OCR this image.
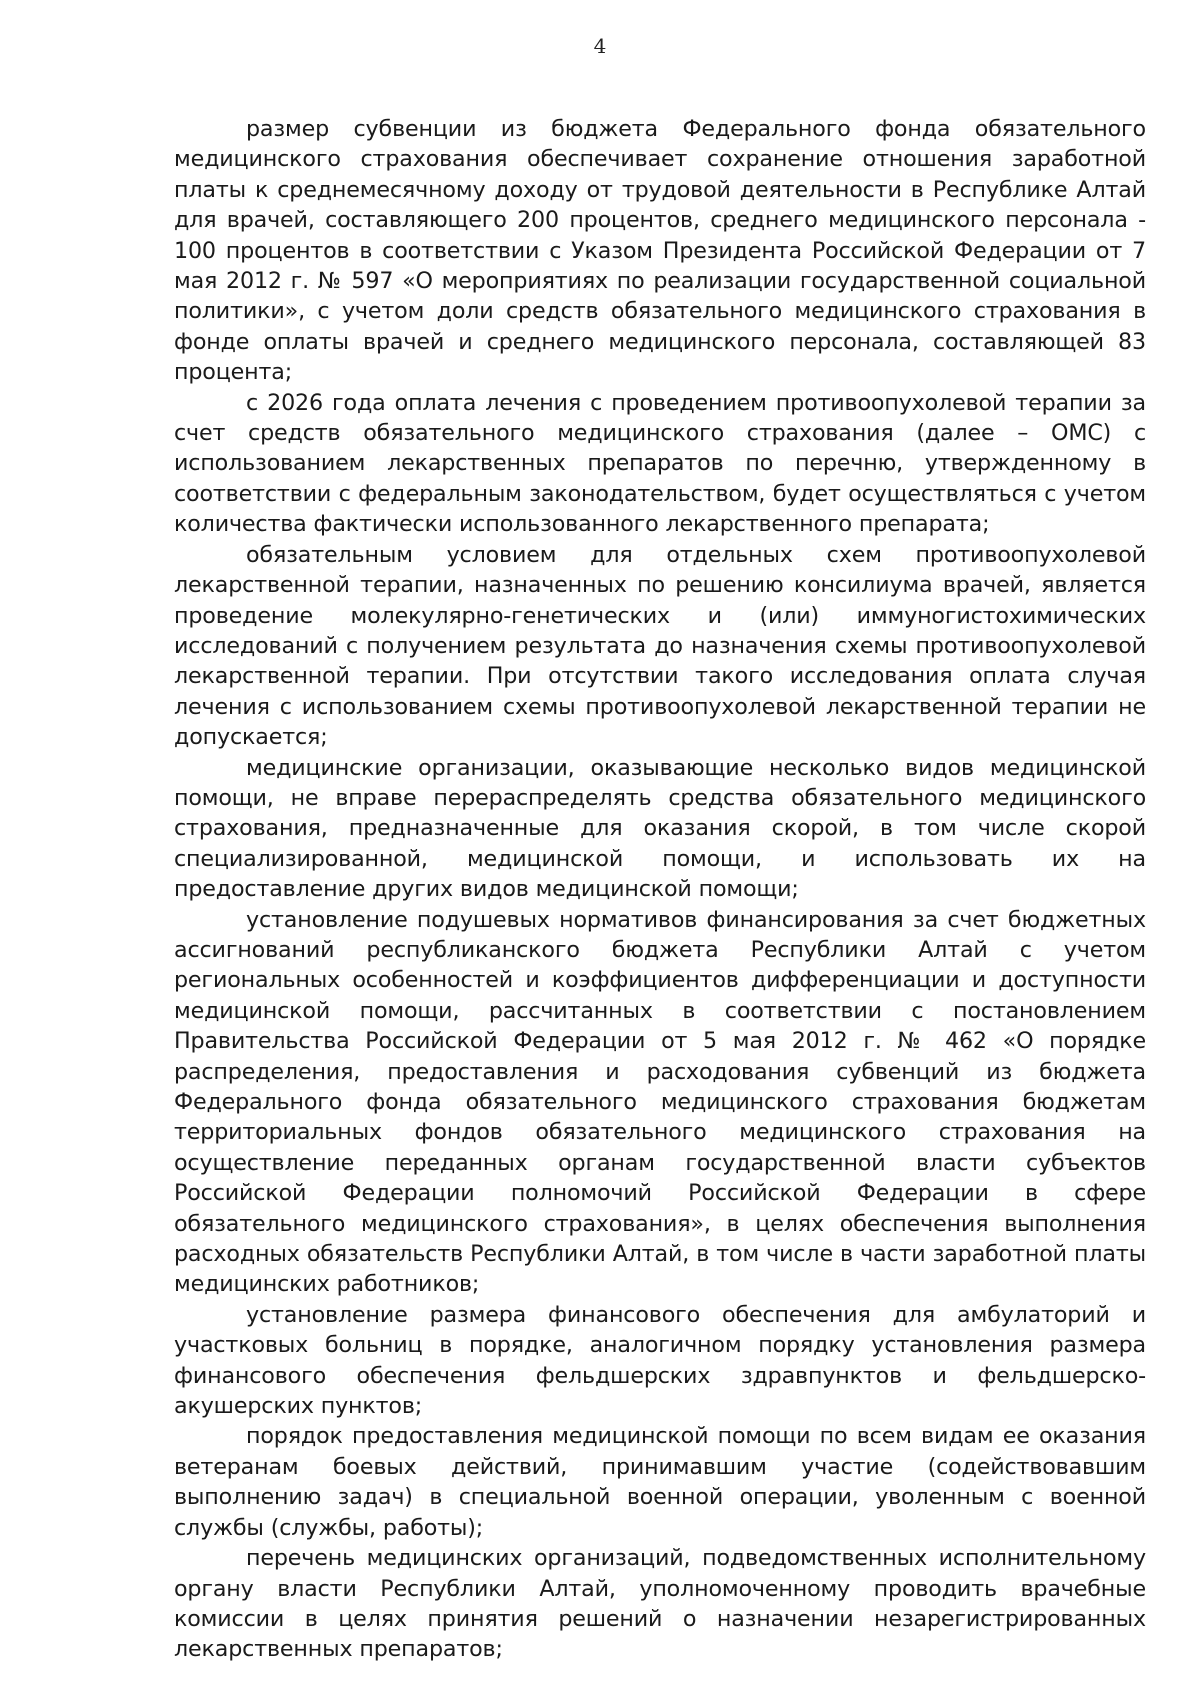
4

размер субвенции из бюджета Федерального фонда обязательного медицинского страхования обеспечивает сохранение отношения заработной платы к среднемесячному доходу от трудовой деятельности в Республике Алтай для врачей, составляющего 200 процентов, среднего медицинского персонала - 100 процентов в соответствии с Указом Президента Российской Федерации от 7 мая 2012 г. № 597 «О мероприятиях по реализации государственной социальной политики», с учетом доли средств обязательного медицинского страхования в фонде оплаты врачей и среднего медицинского персонала, составляющей 83 процента;

с 2026 года оплата лечения с проведением противоопухолевой терапии за счет средств обязательного медицинского страхования (далее – ОМС) с использованием лекарственных препаратов по перечню, утвержденному в соответствии с федеральным законодательством, будет осуществляться с учетом количества фактически использованного лекарственного препарата;

обязательным условием для отдельных схем противоопухолевой лекарственной терапии, назначенных по решению консилиума врачей, является проведение молекулярно-генетических и (или) иммуногистохимических исследований с получением результата до назначения схемы противоопухолевой лекарственной терапии. При отсутствии такого исследования оплата случая лечения с использованием схемы противоопухолевой лекарственной терапии не допускается;

медицинские организации, оказывающие несколько видов медицинской помощи, не вправе перераспределять средства обязательного медицинского страхования, предназначенные для оказания скорой, в том числе скорой специализированной, медицинской помощи, и использовать их на предоставление других видов медицинской помощи;

установление подушевых нормативов финансирования за счет бюджетных ассигнований республиканского бюджета Республики Алтай с учетом региональных особенностей и коэффициентов дифференциации и доступности медицинской помощи, рассчитанных в соответствии с постановлением Правительства Российской Федерации от 5 мая 2012 г. № 462 «О порядке распределения, предоставления и расходования субвенций из бюджета Федерального фонда обязательного медицинского страхования бюджетам территориальных фондов обязательного медицинского страхования на осуществление переданных органам государственной власти субъектов Российской Федерации полномочий Российской Федерации в сфере обязательного медицинского страхования», в целях обеспечения выполнения расходных обязательств Республики Алтай, в том числе в части заработной платы медицинских работников;

установление размера финансового обеспечения для амбулаторий и участковых больниц в порядке, аналогичном порядку установления размера финансового обеспечения фельдшерских здравпунктов и фельдшерско-акушерских пунктов;

порядок предоставления медицинской помощи по всем видам ее оказания ветеранам боевых действий, принимавшим участие (содействовавшим выполнению задач) в специальной военной операции, уволенным с военной службы (службы, работы);

перечень медицинских организаций, подведомственных исполнительному органу власти Республики Алтай, уполномоченному проводить врачебные комиссии в целях принятия решений о назначении незарегистрированных лекарственных препаратов;
